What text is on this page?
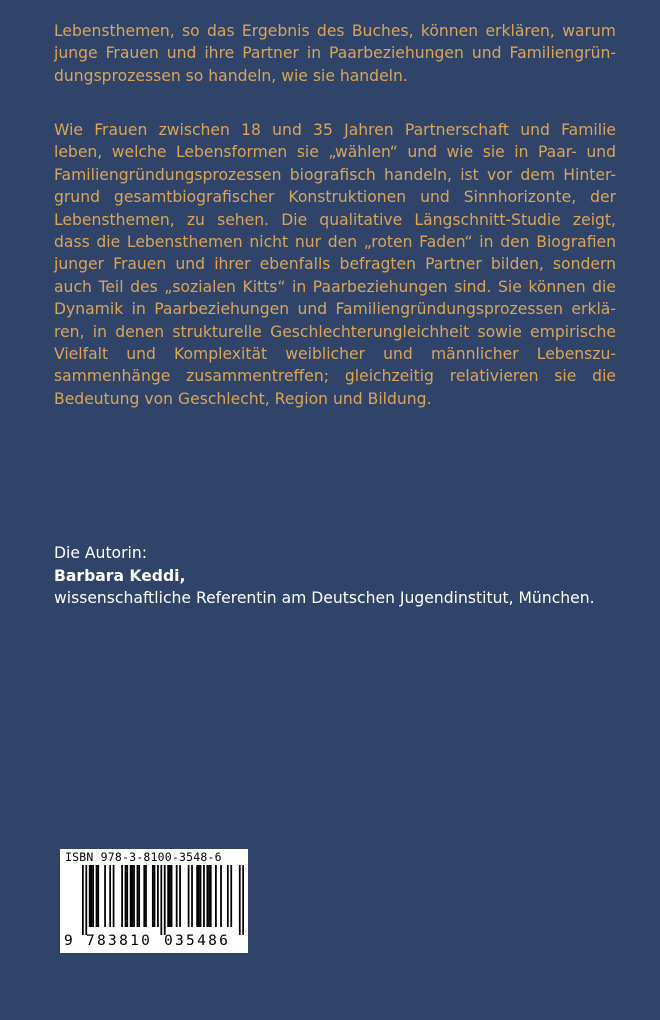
Lebensthemen, so das Ergebnis des Buches, können erklären, warum
junge Frauen und ihre Partner in Paarbeziehungen und Familiengrün-
dungsprozessen so handeln, wie sie handeln.
Wie Frauen zwischen 18 und 35 Jahren Partnerschaft und Familie
leben, welche Lebensformen sie „wählen“ und wie sie in Paar- und
Familiengründungsprozessen biografisch handeln, ist vor dem Hinter-
grund gesamtbiografischer Konstruktionen und Sinnhorizonte, der
Lebensthemen, zu sehen. Die qualitative Längschnitt-Studie zeigt,
dass die Lebensthemen nicht nur den „roten Faden“ in den Biografien
junger Frauen und ihrer ebenfalls befragten Partner bilden, sondern
auch Teil des „sozialen Kitts“ in Paarbeziehungen sind. Sie können die
Dynamik in Paarbeziehungen und Familiengründungsprozessen erklä-
ren, in denen strukturelle Geschlechterungleichheit sowie empirische
Vielfalt und Komplexität weiblicher und männlicher Lebenszu-
sammenhänge zusammentreffen; gleichzeitig relativieren sie die
Bedeutung von Geschlecht, Region und Bildung.
Die Autorin:
Barbara Keddi,
wissenschaftliche Referentin am Deutschen Jugendinstitut, München.
ISBN 978-3-8100-3548-6
9 783810 035486
